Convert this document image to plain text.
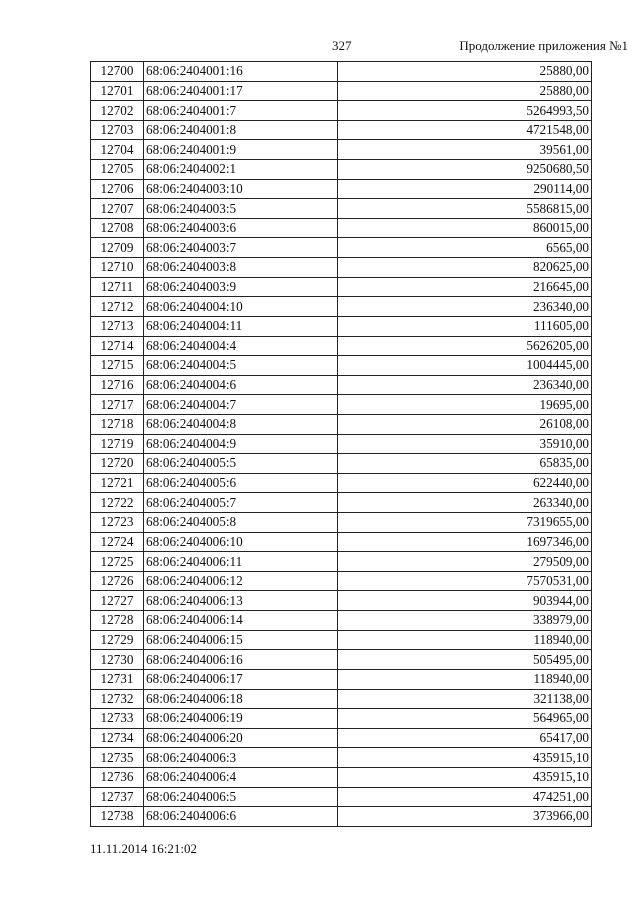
327	Продолжение приложения №1
12700	68:06:2404001:16	25880,00
12701	68:06:2404001:17	25880,00
12702	68:06:2404001:7	5264993,50
12703	68:06:2404001:8	4721548,00
12704	68:06:2404001:9	39561,00
12705	68:06:2404002:1	9250680,50
12706	68:06:2404003:10	290114,00
12707	68:06:2404003:5	5586815,00
12708	68:06:2404003:6	860015,00
12709	68:06:2404003:7	6565,00
12710	68:06:2404003:8	820625,00
12711	68:06:2404003:9	216645,00
12712	68:06:2404004:10	236340,00
12713	68:06:2404004:11	111605,00
12714	68:06:2404004:4	5626205,00
12715	68:06:2404004:5	1004445,00
12716	68:06:2404004:6	236340,00
12717	68:06:2404004:7	19695,00
12718	68:06:2404004:8	26108,00
12719	68:06:2404004:9	35910,00
12720	68:06:2404005:5	65835,00
12721	68:06:2404005:6	622440,00
12722	68:06:2404005:7	263340,00
12723	68:06:2404005:8	7319655,00
12724	68:06:2404006:10	1697346,00
12725	68:06:2404006:11	279509,00
12726	68:06:2404006:12	7570531,00
12727	68:06:2404006:13	903944,00
12728	68:06:2404006:14	338979,00
12729	68:06:2404006:15	118940,00
12730	68:06:2404006:16	505495,00
12731	68:06:2404006:17	118940,00
12732	68:06:2404006:18	321138,00
12733	68:06:2404006:19	564965,00
12734	68:06:2404006:20	65417,00
12735	68:06:2404006:3	435915,10
12736	68:06:2404006:4	435915,10
12737	68:06:2404006:5	474251,00
12738	68:06:2404006:6	373966,00
11.11.2014 16:21:02
